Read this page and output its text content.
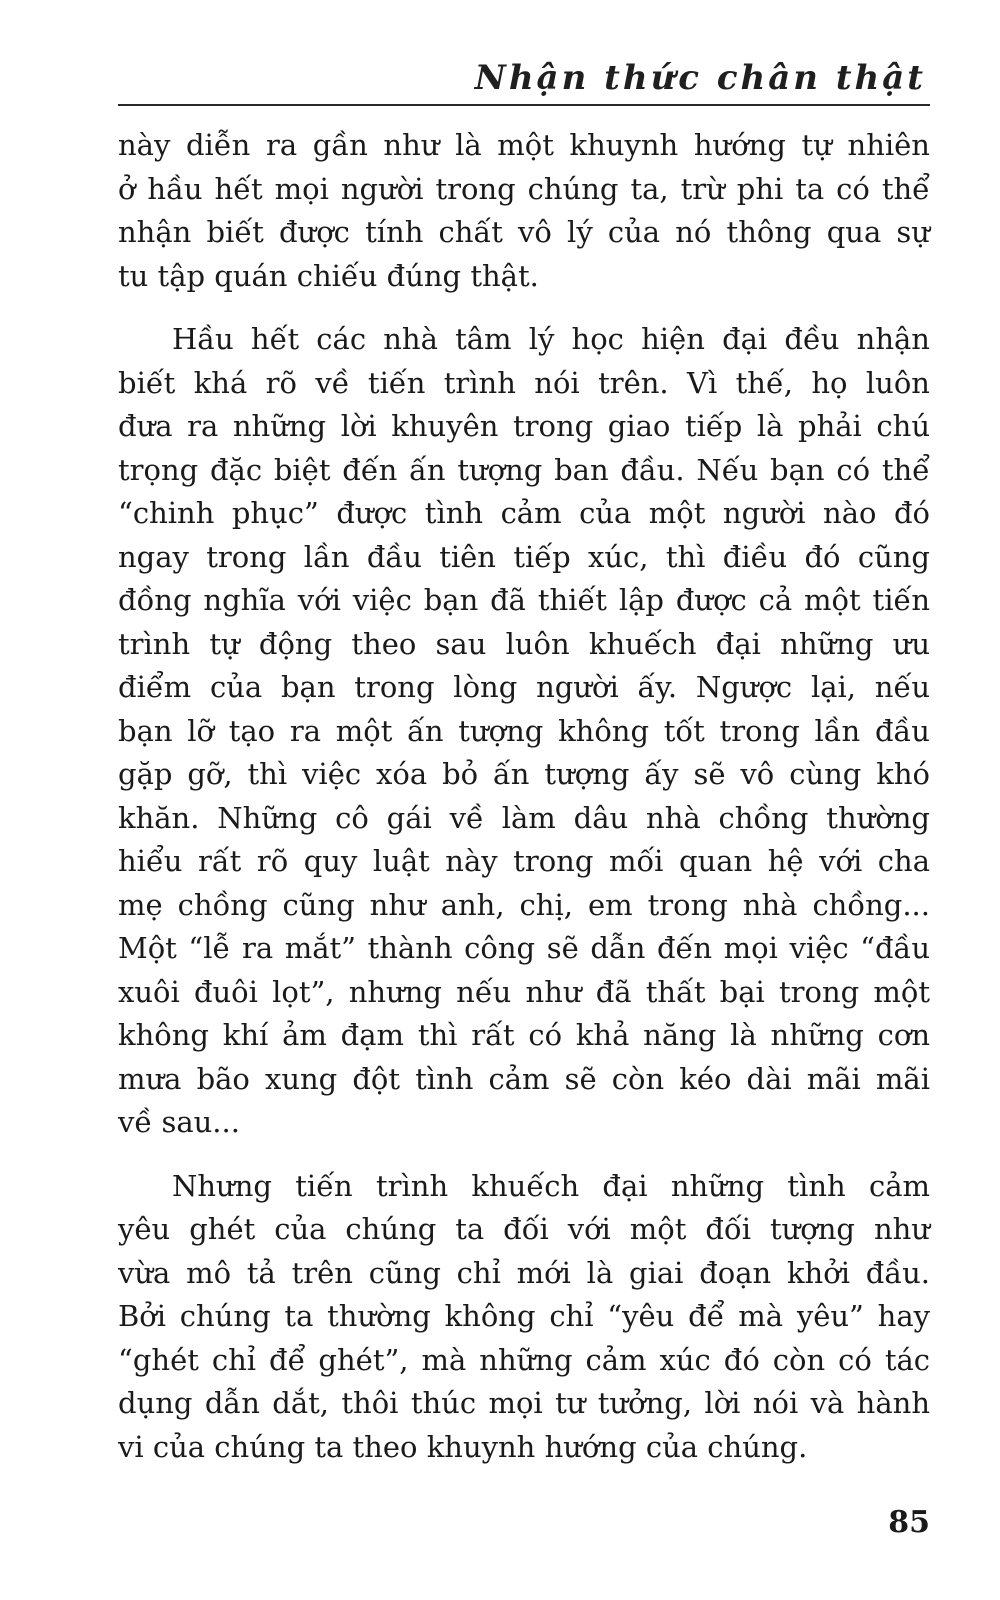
Nhận thức chân thật
này diễn ra gần như là một khuynh hướng tự nhiên
ở hầu hết mọi người trong chúng ta, trừ phi ta có thể
nhận biết được tính chất vô lý của nó thông qua sự
tu tập quán chiếu đúng thật.
Hầu hết các nhà tâm lý học hiện đại đều nhận
biết khá rõ về tiến trình nói trên. Vì thế, họ luôn
đưa ra những lời khuyên trong giao tiếp là phải chú
trọng đặc biệt đến ấn tượng ban đầu. Nếu bạn có thể
“chinh phục” được tình cảm của một người nào đó
ngay trong lần đầu tiên tiếp xúc, thì điều đó cũng
đồng nghĩa với việc bạn đã thiết lập được cả một tiến
trình tự động theo sau luôn khuếch đại những ưu
điểm của bạn trong lòng người ấy. Ngược lại, nếu
bạn lỡ tạo ra một ấn tượng không tốt trong lần đầu
gặp gỡ, thì việc xóa bỏ ấn tượng ấy sẽ vô cùng khó
khăn. Những cô gái về làm dâu nhà chồng thường
hiểu rất rõ quy luật này trong mối quan hệ với cha
mẹ chồng cũng như anh, chị, em trong nhà chồng...
Một “lễ ra mắt” thành công sẽ dẫn đến mọi việc “đầu
xuôi đuôi lọt”, nhưng nếu như đã thất bại trong một
không khí ảm đạm thì rất có khả năng là những cơn
mưa bão xung đột tình cảm sẽ còn kéo dài mãi mãi
về sau...
Nhưng tiến trình khuếch đại những tình cảm
yêu ghét của chúng ta đối với một đối tượng như
vừa mô tả trên cũng chỉ mới là giai đoạn khởi đầu.
Bởi chúng ta thường không chỉ “yêu để mà yêu” hay
“ghét chỉ để ghét”, mà những cảm xúc đó còn có tác
dụng dẫn dắt, thôi thúc mọi tư tưởng, lời nói và hành
vi của chúng ta theo khuynh hướng của chúng.
85
